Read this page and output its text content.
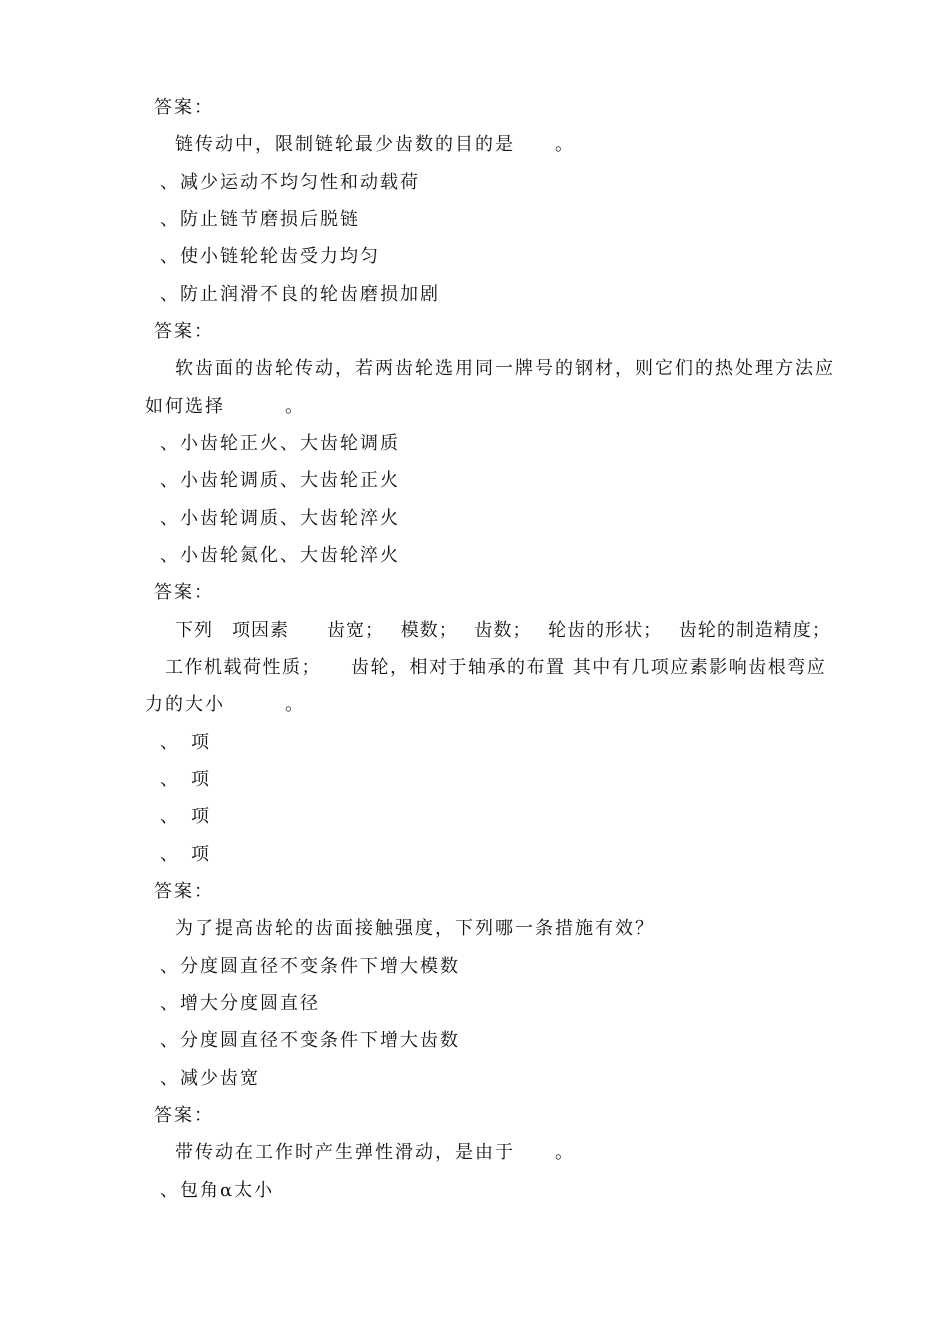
答案：
链传动中，限制链轮最少齿数的目的是　　。
、减少运动不均匀性和动载荷
、防止链节磨损后脱链
、使小链轮轮齿受力均匀
、防止润滑不良的轮齿磨损加剧
答案：
软齿面的齿轮传动，若两齿轮选用同一牌号的钢材，则它们的热处理方法应
如何选择　　　。
、小齿轮正火、大齿轮调质
、小齿轮调质、大齿轮正火
、小齿轮调质、大齿轮淬火
、小齿轮氮化、大齿轮淬火
答案：
下列　项因素　　齿宽；　 模数；　 齿数；　 轮齿的形状；　 齿轮的制造精度；
工作机载荷性质；　　齿轮，相对于轴承的布置 其中有几项应素影响齿根弯应
力的大小　　　。
、　项
、　项
、　项
、　项
答案：
为了提高齿轮的齿面接触强度，下列哪一条措施有效？
、分度圆直径不变条件下增大模数
、增大分度圆直径
、分度圆直径不变条件下增大齿数
、减少齿宽
答案：
带传动在工作时产生弹性滑动，是由于　　。
、包角α太小
